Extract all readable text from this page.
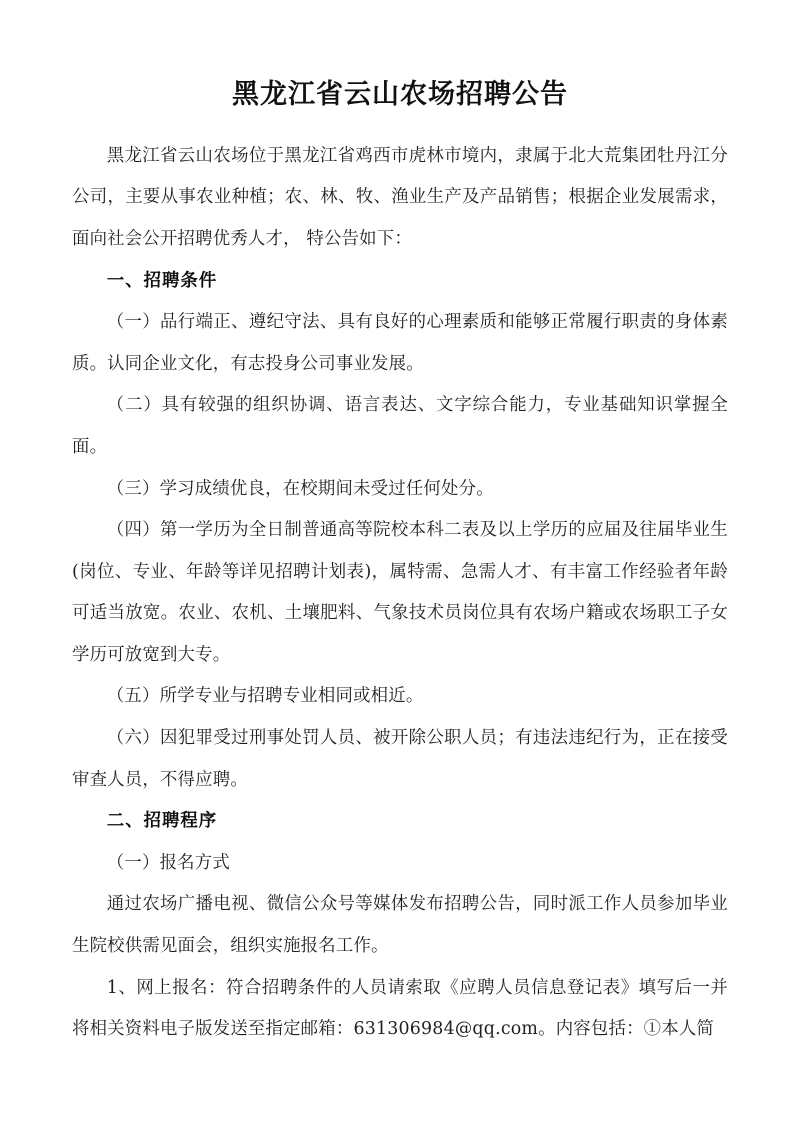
黑龙江省云山农场招聘公告

黑龙江省云山农场位于黑龙江省鸡西市虎林市境内，隶属于北大荒集团牡丹江分公司，主要从事农业种植；农、林、牧、渔业生产及产品销售；根据企业发展需求，面向社会公开招聘优秀人才， 特公告如下：

一、招聘条件

（一）品行端正、遵纪守法、具有良好的心理素质和能够正常履行职责的身体素质。认同企业文化，有志投身公司事业发展。

（二）具有较强的组织协调、语言表达、文字综合能力，专业基础知识掌握全面。

（三）学习成绩优良，在校期间未受过任何处分。

（四）第一学历为全日制普通高等院校本科二表及以上学历的应届及往届毕业生(岗位、专业、年龄等详见招聘计划表)，属特需、急需人才、有丰富工作经验者年龄可适当放宽。农业、农机、土壤肥料、气象技术员岗位具有农场户籍或农场职工子女学历可放宽到大专。

（五）所学专业与招聘专业相同或相近。

（六）因犯罪受过刑事处罚人员、被开除公职人员；有违法违纪行为，正在接受审查人员，不得应聘。

二、招聘程序

（一）报名方式

通过农场广播电视、微信公众号等媒体发布招聘公告，同时派工作人员参加毕业生院校供需见面会，组织实施报名工作。

1、网上报名：符合招聘条件的人员请索取《应聘人员信息登记表》填写后一并将相关资料电子版发送至指定邮箱：631306984@qq.com。内容包括：①本人简
